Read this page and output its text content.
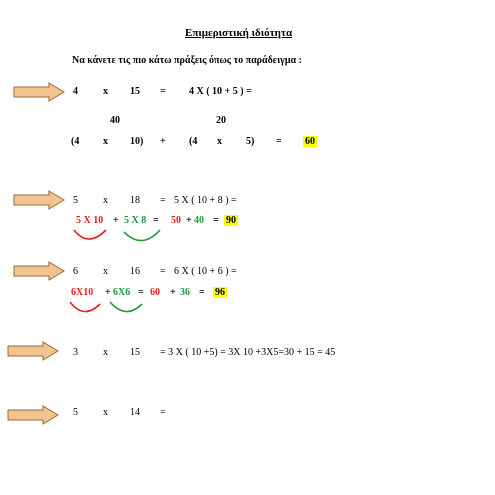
Επιμεριστική ιδιότητα
Να κάνετε τις πιο κάτω πράξεις όπως το παράδειγμα :
4	x 15 = 4 X ( 10 + 5 ) =
40	20
(4 x 10) + (4 x 5) = 60
5	x 18 = 5 X ( 10 + 8 ) =
5 X 10 + 5 X 8 = 50 + 40 = 90
6	x 16 = 6 X ( 10 + 6 ) =
6X10 + 6X6 = 60 + 36 = 96
3	x 15 = 3 X ( 10 +5) = 3X 10 +3X5=30 + 15 = 45
5	x 14 =
